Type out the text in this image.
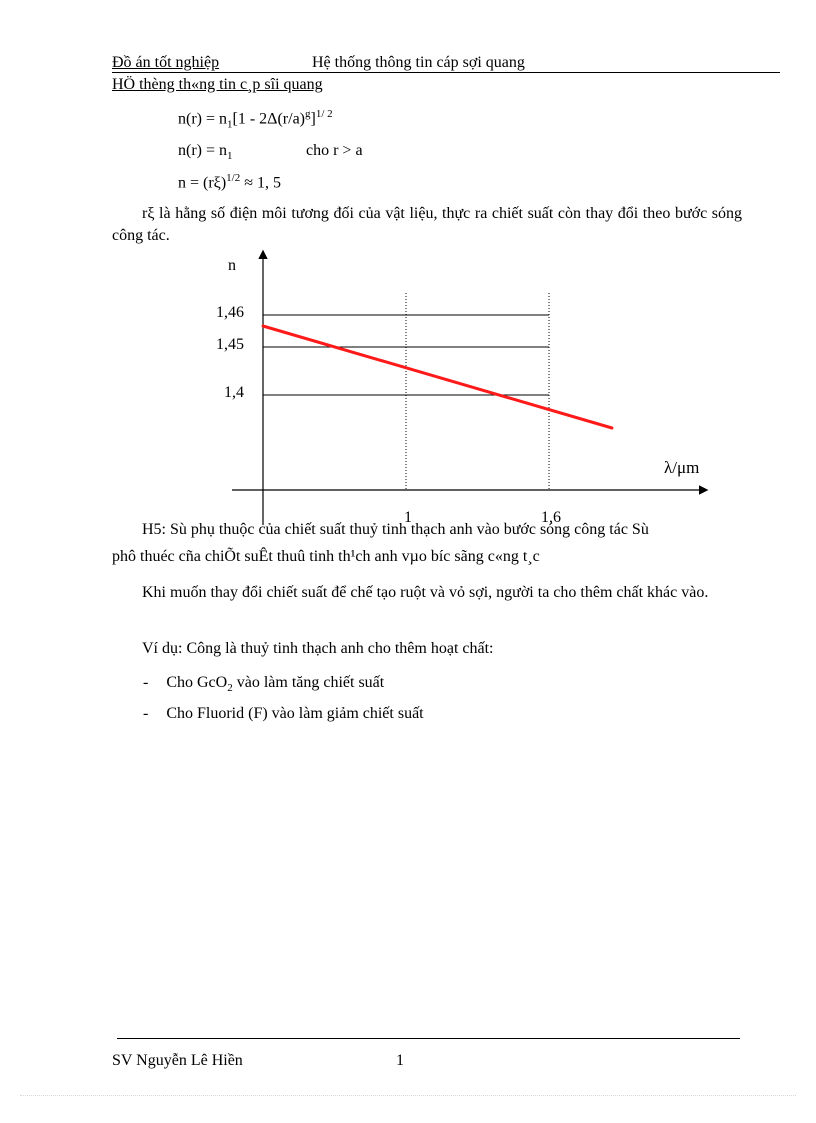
Đồ án tốt nghiệp	Hệ thống thông tin cáp sợi quang
HÖ thèng th«ng tin c¸p sîi quang
$n(r) = n_1[1 - 2\Delta(r/a)^g]^{1/ 2}$
$n(r) = n_1$	cho r > a
$n = (r\xi)^{1/2} \approx 1$, 5
rξ là hằng số điện môi tương đối của vật liệu, thực ra chiết suất còn thay đổi theo bước sóng công tác.
1,46
1,45
1,4
1	1,6
n
λ/μm
H5: Sù phụ thuộc của chiết suất thuỷ tinh thạch anh vào bước sóng công tác Sù
phô thuéc cña chiÕt suÊt thuû tinh th¹ch anh vµo bíc sãng c«ng t¸c
Khi muốn thay đổi chiết suất để chế tạo ruột và vỏ sợi, người ta cho thêm chất khác vào.
Ví dụ: Công là thuỷ tinh thạch anh cho thêm hoạt chất:
- Cho GcO$_2$ vào làm tăng chiết suất
- Cho Fluorid (F) vào làm giảm chiết suất
SV Nguyễn Lê Hiền	1
